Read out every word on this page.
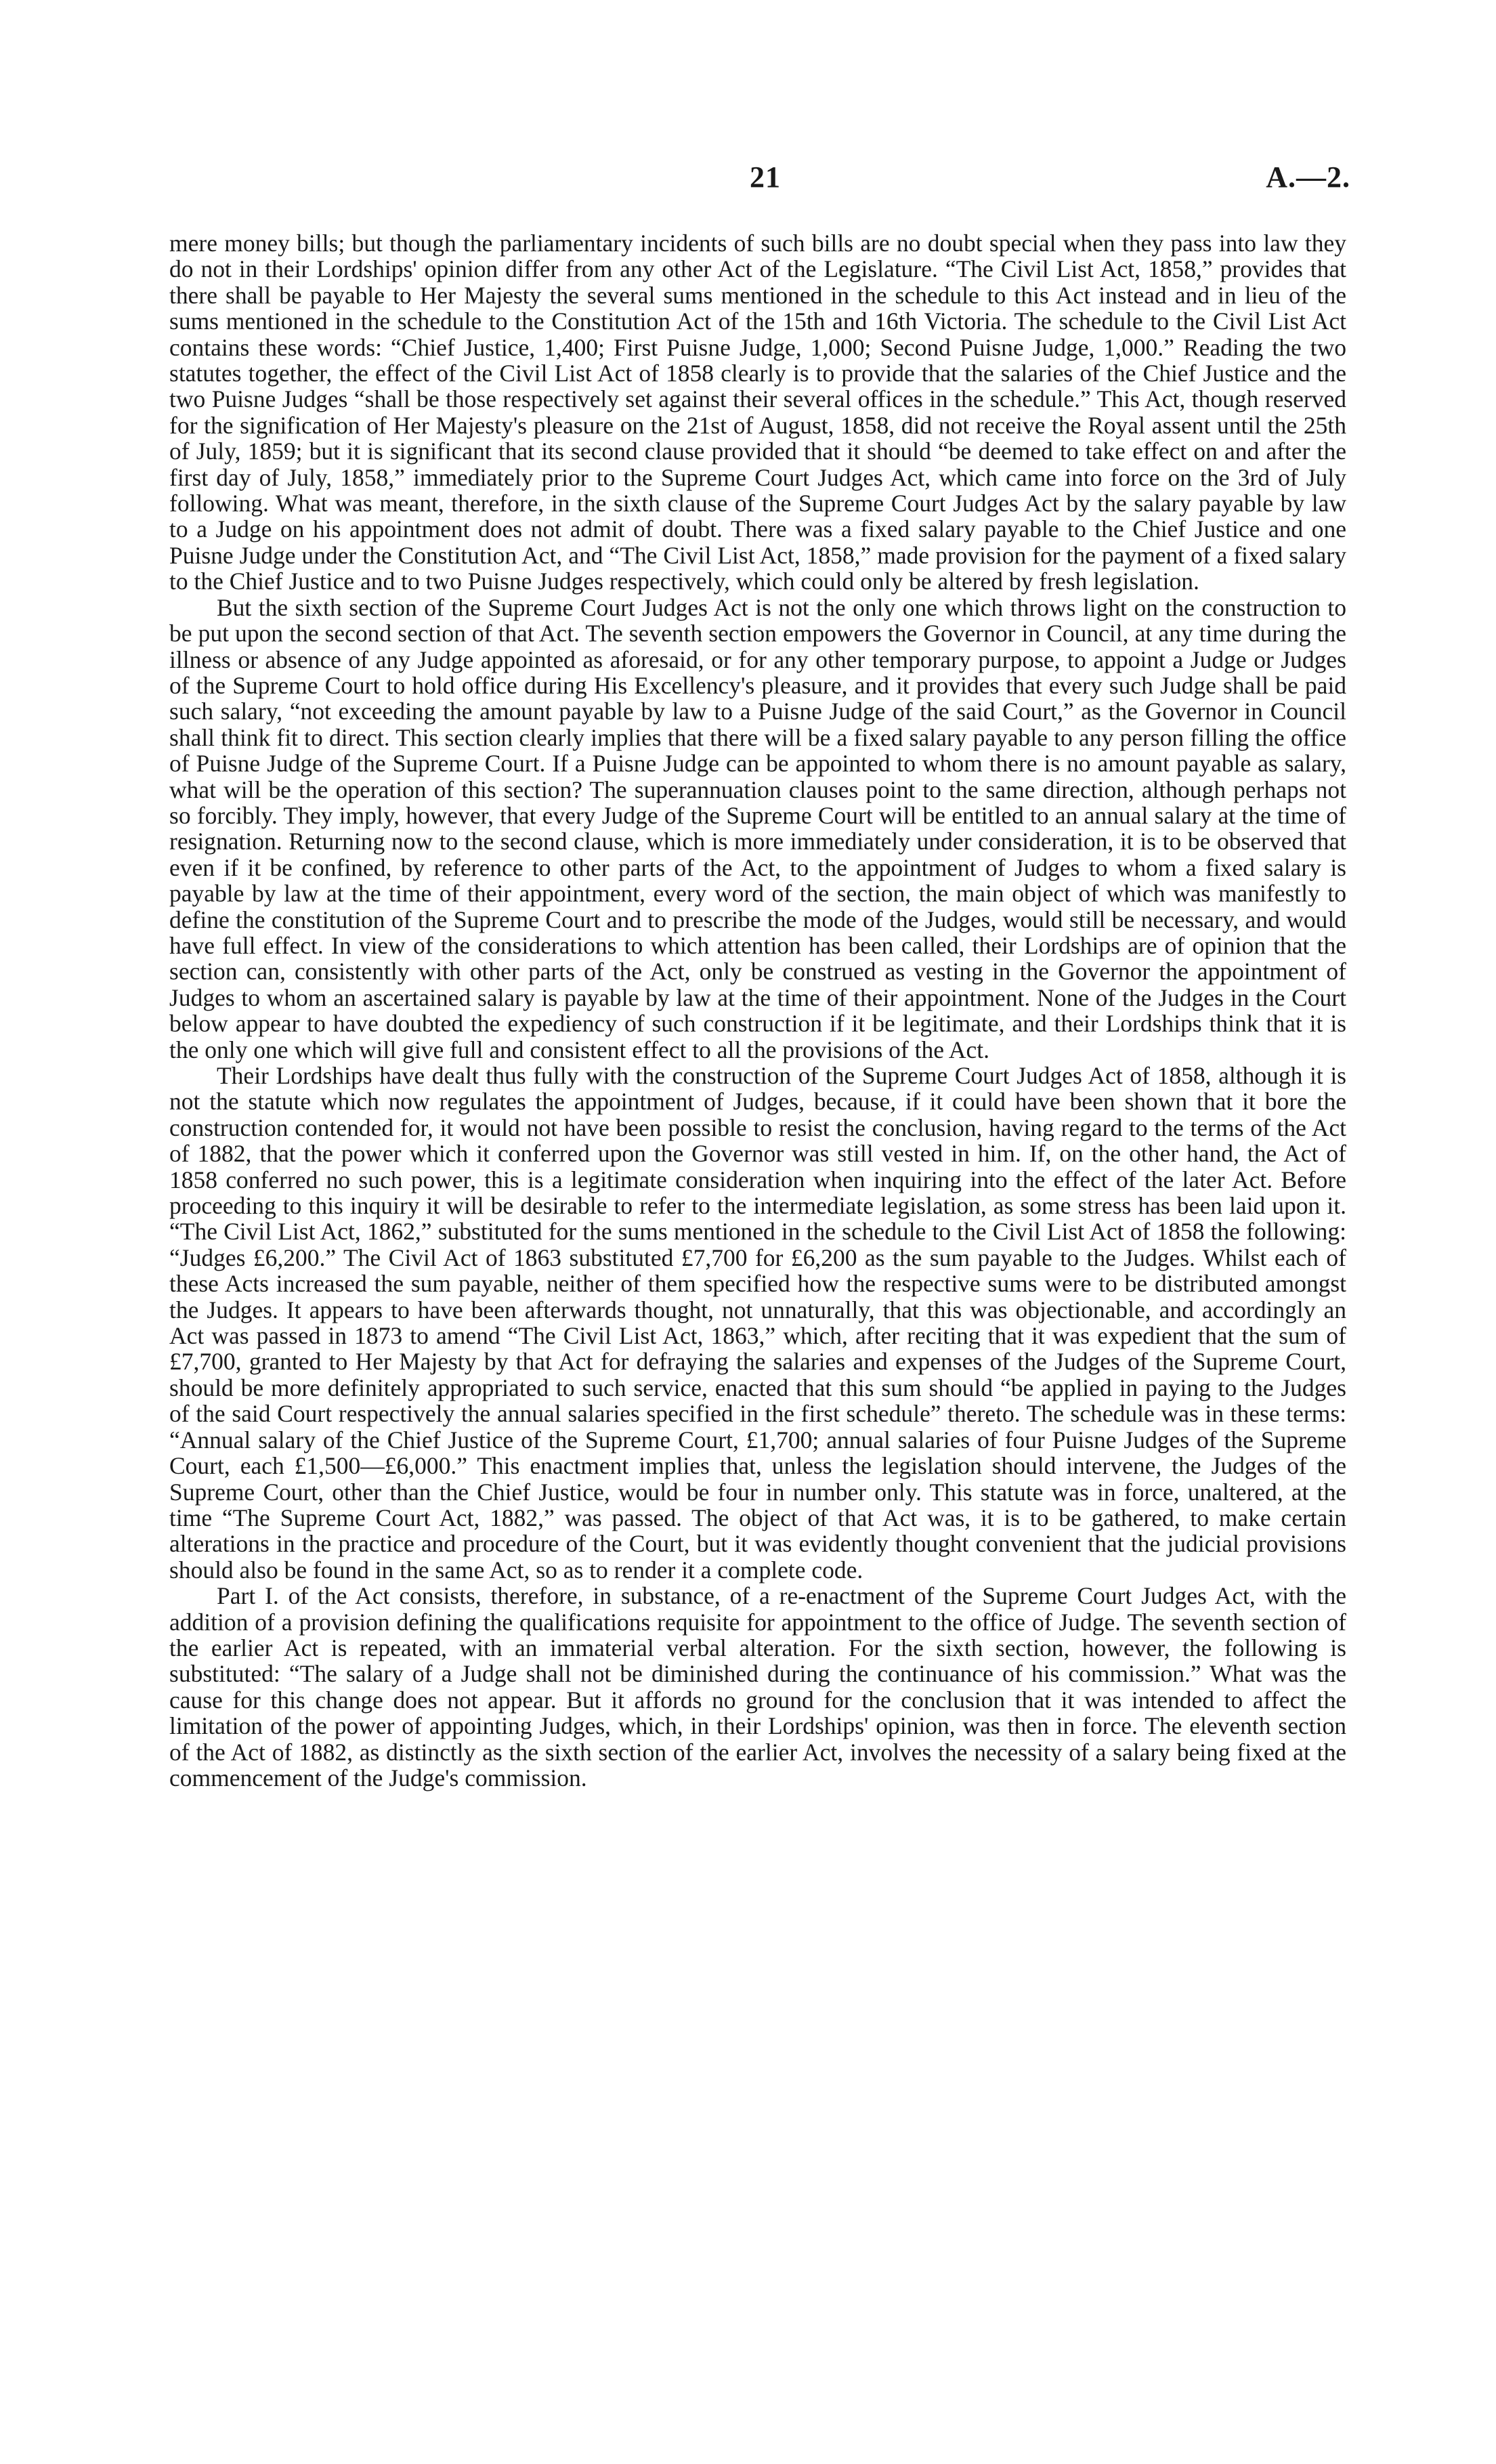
21	A.—2.

mere money bills; but though the parliamentary incidents of such bills are no doubt special when they pass into law they do not in their Lordships' opinion differ from any other Act of the Legislature. “The Civil List Act, 1858,” provides that there shall be payable to Her Majesty the several sums mentioned in the schedule to this Act instead and in lieu of the sums mentioned in the schedule to the Constitution Act of the 15th and 16th Victoria. The schedule to the Civil List Act contains these words: “Chief Justice, 1,400; First Puisne Judge, 1,000; Second Puisne Judge, 1,000.” Reading the two statutes together, the effect of the Civil List Act of 1858 clearly is to provide that the salaries of the Chief Justice and the two Puisne Judges “shall be those respectively set against their several offices in the schedule.” This Act, though reserved for the signification of Her Majesty's pleasure on the 21st of August, 1858, did not receive the Royal assent until the 25th of July, 1859; but it is significant that its second clause provided that it should “be deemed to take effect on and after the first day of July, 1858,” immediately prior to the Supreme Court Judges Act, which came into force on the 3rd of July following. What was meant, therefore, in the sixth clause of the Supreme Court Judges Act by the salary payable by law to a Judge on his appointment does not admit of doubt. There was a fixed salary payable to the Chief Justice and one Puisne Judge under the Constitution Act, and “The Civil List Act, 1858,” made provision for the payment of a fixed salary to the Chief Justice and to two Puisne Judges respectively, which could only be altered by fresh legislation.

But the sixth section of the Supreme Court Judges Act is not the only one which throws light on the construction to be put upon the second section of that Act. The seventh section empowers the Governor in Council, at any time during the illness or absence of any Judge appointed as aforesaid, or for any other temporary purpose, to appoint a Judge or Judges of the Supreme Court to hold office during His Excellency's pleasure, and it provides that every such Judge shall be paid such salary, “not exceeding the amount payable by law to a Puisne Judge of the said Court,” as the Governor in Council shall think fit to direct. This section clearly implies that there will be a fixed salary payable to any person filling the office of Puisne Judge of the Supreme Court. If a Puisne Judge can be appointed to whom there is no amount payable as salary, what will be the operation of this section? The superannuation clauses point to the same direction, although perhaps not so forcibly. They imply, however, that every Judge of the Supreme Court will be entitled to an annual salary at the time of resignation. Returning now to the second clause, which is more immediately under consideration, it is to be observed that even if it be confined, by reference to other parts of the Act, to the appointment of Judges to whom a fixed salary is payable by law at the time of their appointment, every word of the section, the main object of which was manifestly to define the constitution of the Supreme Court and to prescribe the mode of the Judges, would still be necessary, and would have full effect. In view of the considerations to which attention has been called, their Lordships are of opinion that the section can, consistently with other parts of the Act, only be construed as vesting in the Governor the appointment of Judges to whom an ascertained salary is payable by law at the time of their appointment. None of the Judges in the Court below appear to have doubted the expediency of such construction if it be legitimate, and their Lordships think that it is the only one which will give full and consistent effect to all the provisions of the Act.

Their Lordships have dealt thus fully with the construction of the Supreme Court Judges Act of 1858, although it is not the statute which now regulates the appointment of Judges, because, if it could have been shown that it bore the construction contended for, it would not have been possible to resist the conclusion, having regard to the terms of the Act of 1882, that the power which it conferred upon the Governor was still vested in him. If, on the other hand, the Act of 1858 conferred no such power, this is a legitimate consideration when inquiring into the effect of the later Act. Before proceeding to this inquiry it will be desirable to refer to the intermediate legislation, as some stress has been laid upon it. “The Civil List Act, 1862,” substituted for the sums mentioned in the schedule to the Civil List Act of 1858 the following: “Judges £6,200.” The Civil Act of 1863 substituted £7,700 for £6,200 as the sum payable to the Judges. Whilst each of these Acts increased the sum payable, neither of them specified how the respective sums were to be distributed amongst the Judges. It appears to have been afterwards thought, not unnaturally, that this was objectionable, and accordingly an Act was passed in 1873 to amend “The Civil List Act, 1863,” which, after reciting that it was expedient that the sum of £7,700, granted to Her Majesty by that Act for defraying the salaries and expenses of the Judges of the Supreme Court, should be more definitely appropriated to such service, enacted that this sum should “be applied in paying to the Judges of the said Court respectively the annual salaries specified in the first schedule” thereto. The schedule was in these terms: “Annual salary of the Chief Justice of the Supreme Court, £1,700; annual salaries of four Puisne Judges of the Supreme Court, each £1,500—£6,000.” This enactment implies that, unless the legislation should intervene, the Judges of the Supreme Court, other than the Chief Justice, would be four in number only. This statute was in force, unaltered, at the time “The Supreme Court Act, 1882,” was passed. The object of that Act was, it is to be gathered, to make certain alterations in the practice and procedure of the Court, but it was evidently thought convenient that the judicial provisions should also be found in the same Act, so as to render it a complete code.

Part I. of the Act consists, therefore, in substance, of a re-enactment of the Supreme Court Judges Act, with the addition of a provision defining the qualifications requisite for appointment to the office of Judge. The seventh section of the earlier Act is repeated, with an immaterial verbal alteration. For the sixth section, however, the following is substituted: “The salary of a Judge shall not be diminished during the continuance of his commission.” What was the cause for this change does not appear. But it affords no ground for the conclusion that it was intended to affect the limitation of the power of appointing Judges, which, in their Lordships' opinion, was then in force. The eleventh section of the Act of 1882, as distinctly as the sixth section of the earlier Act, involves the necessity of a salary being fixed at the commencement of the Judge's commission.
